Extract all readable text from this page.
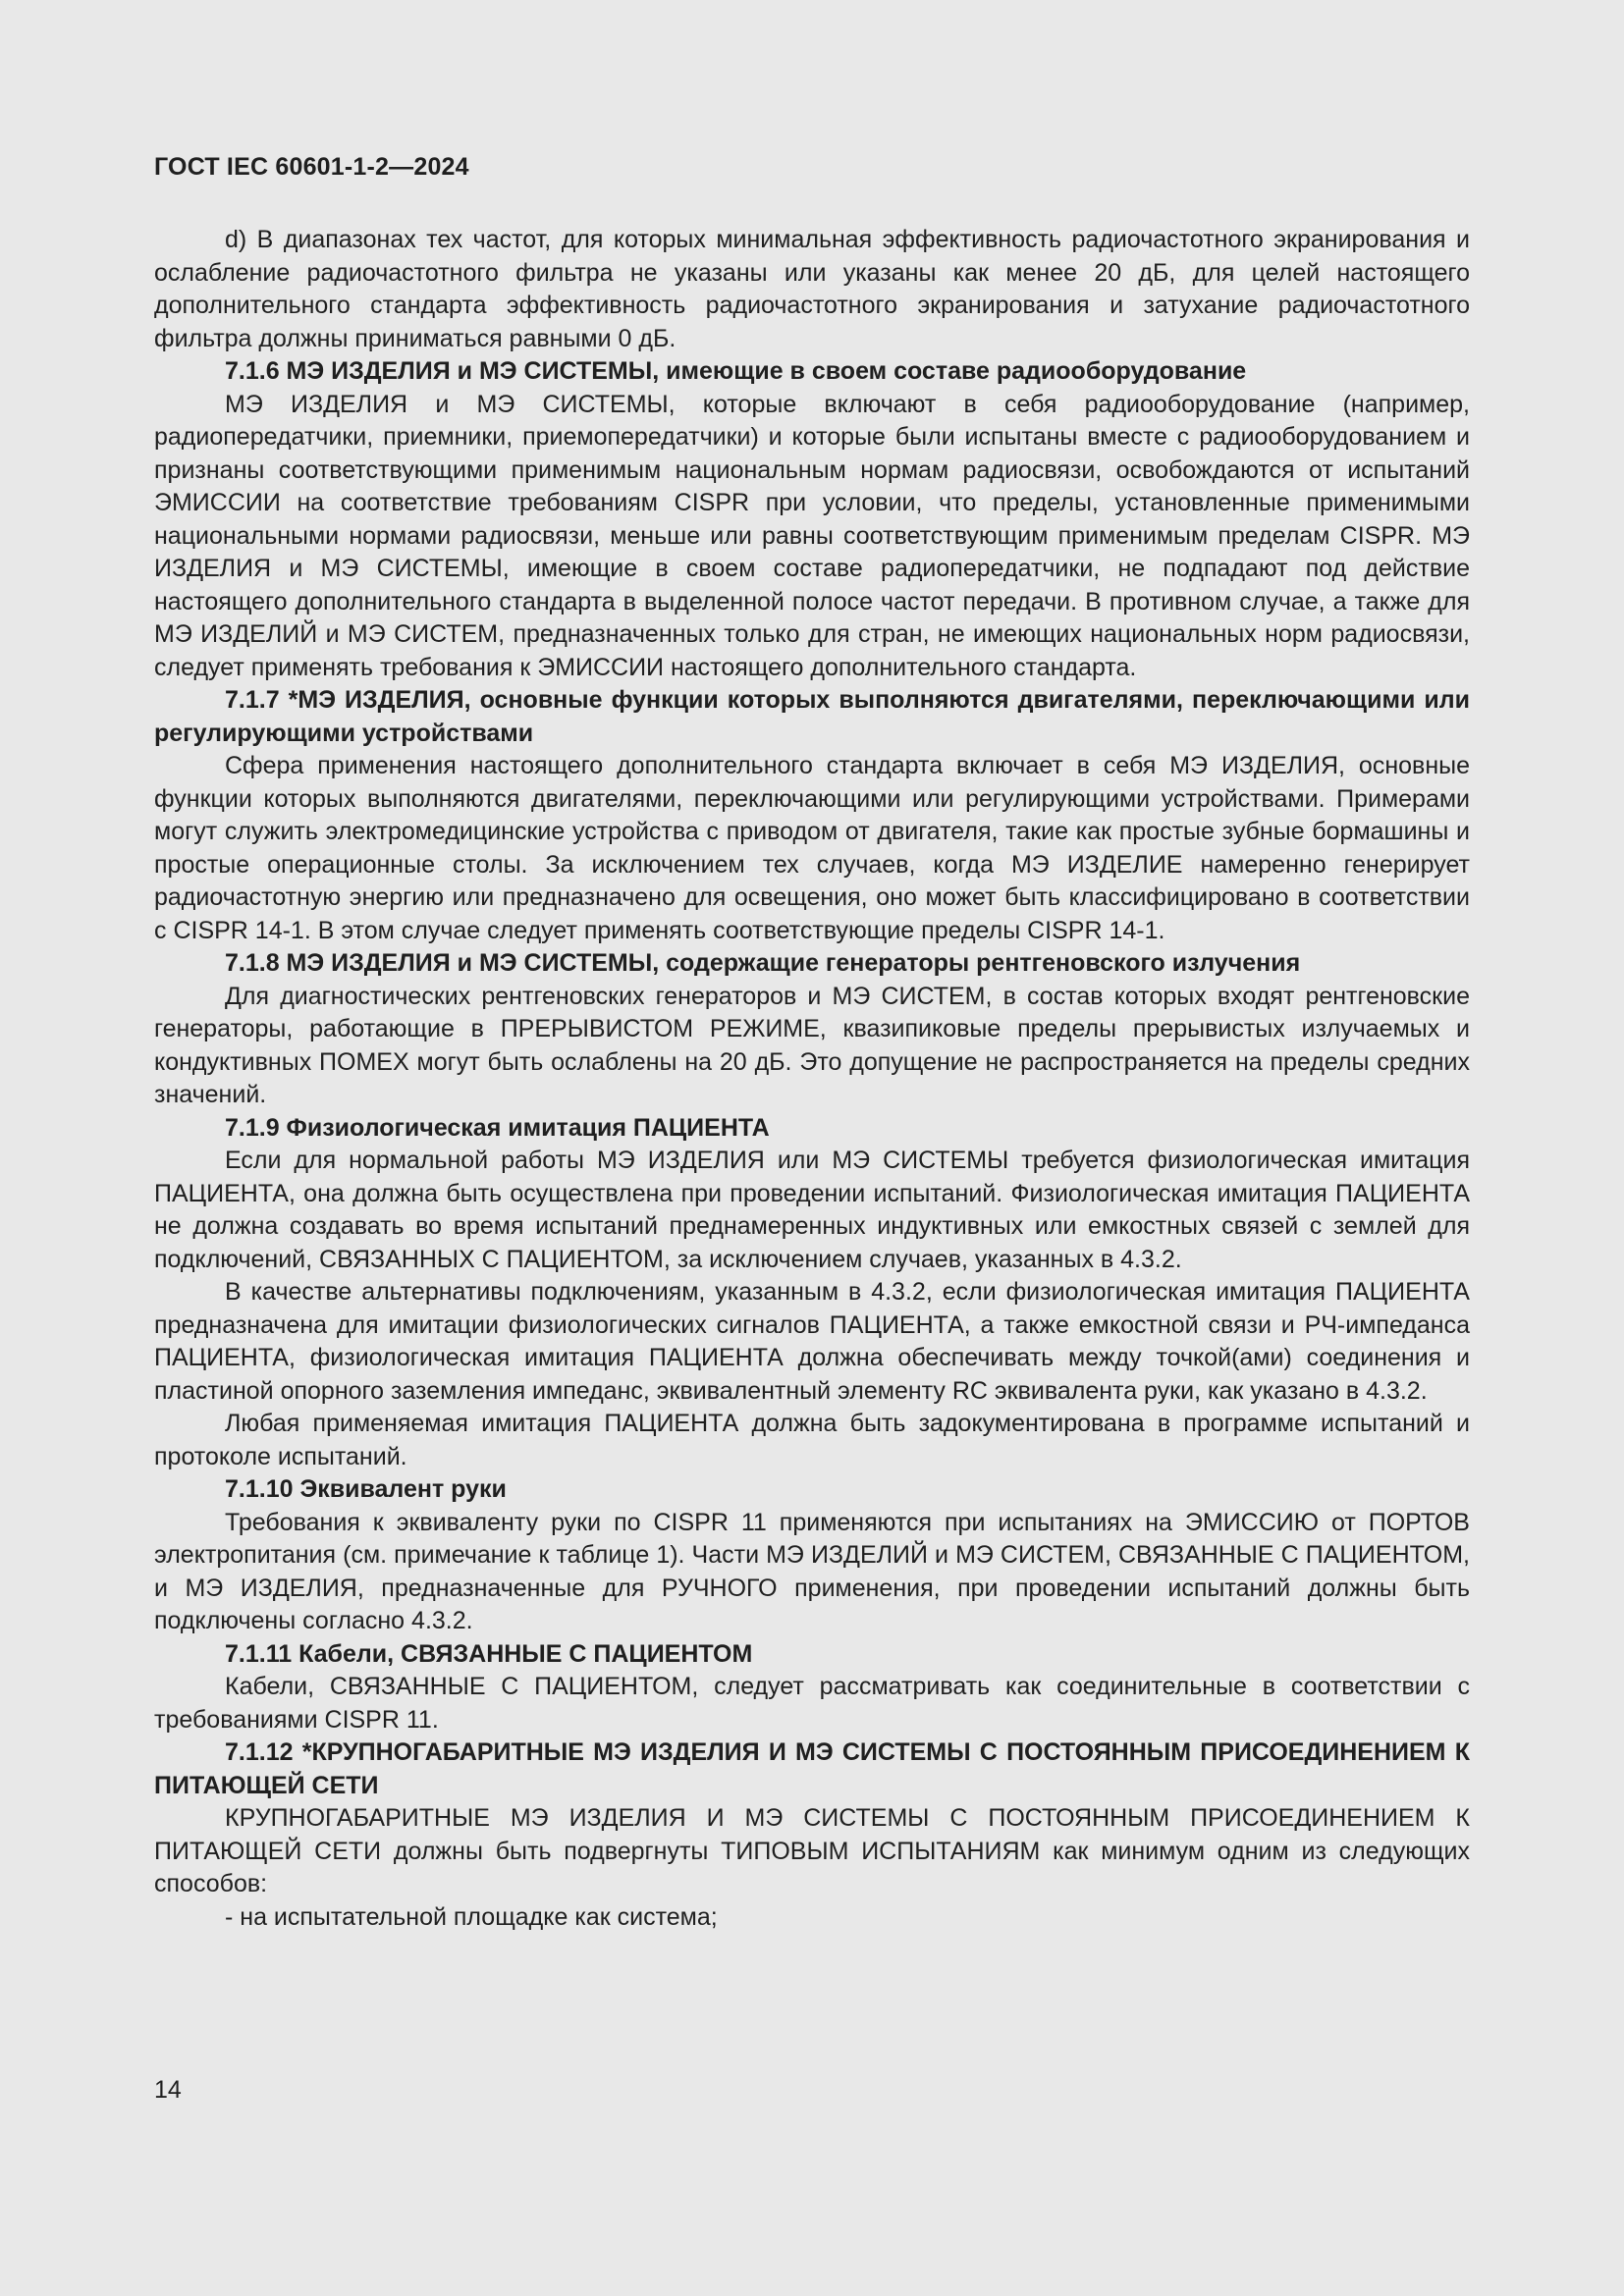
ГОСТ IEC 60601-1-2—2024

d) В диапазонах тех частот, для которых минимальная эффективность радиочастотного экранирования и ослабление радиочастотного фильтра не указаны или указаны как менее 20 дБ, для целей настоящего дополнительного стандарта эффективность радиочастотного экранирования и затухание радиочастотного фильтра должны приниматься равными 0 дБ.

7.1.6 МЭ ИЗДЕЛИЯ и МЭ СИСТЕМЫ, имеющие в своем составе радиооборудование

МЭ ИЗДЕЛИЯ и МЭ СИСТЕМЫ, которые включают в себя радиооборудование (например, радиопередатчики, приемники, приемопередатчики) и которые были испытаны вместе с радиооборудованием и признаны соответствующими применимым национальным нормам радиосвязи, освобождаются от испытаний ЭМИССИИ на соответствие требованиям CISPR при условии, что пределы, установленные применимыми национальными нормами радиосвязи, меньше или равны соответствующим применимым пределам CISPR. МЭ ИЗДЕЛИЯ и МЭ СИСТЕМЫ, имеющие в своем составе радиопередатчики, не подпадают под действие настоящего дополнительного стандарта в выделенной полосе частот передачи. В противном случае, а также для МЭ ИЗДЕЛИЙ и МЭ СИСТЕМ, предназначенных только для стран, не имеющих национальных норм радиосвязи, следует применять требования к ЭМИССИИ настоящего дополнительного стандарта.

7.1.7 *МЭ ИЗДЕЛИЯ, основные функции которых выполняются двигателями, переключающими или регулирующими устройствами

Сфера применения настоящего дополнительного стандарта включает в себя МЭ ИЗДЕЛИЯ, основные функции которых выполняются двигателями, переключающими или регулирующими устройствами. Примерами могут служить электромедицинские устройства с приводом от двигателя, такие как простые зубные бормашины и простые операционные столы. За исключением тех случаев, когда МЭ ИЗДЕЛИЕ намеренно генерирует радиочастотную энергию или предназначено для освещения, оно может быть классифицировано в соответствии с CISPR 14-1. В этом случае следует применять соответствующие пределы CISPR 14-1.

7.1.8 МЭ ИЗДЕЛИЯ и МЭ СИСТЕМЫ, содержащие генераторы рентгеновского излучения

Для диагностических рентгеновских генераторов и МЭ СИСТЕМ, в состав которых входят рентгеновские генераторы, работающие в ПРЕРЫВИСТОМ РЕЖИМЕ, квазипиковые пределы прерывистых излучаемых и кондуктивных ПОМЕХ могут быть ослаблены на 20 дБ. Это допущение не распространяется на пределы средних значений.

7.1.9 Физиологическая имитация ПАЦИЕНТА

Если для нормальной работы МЭ ИЗДЕЛИЯ или МЭ СИСТЕМЫ требуется физиологическая имитация ПАЦИЕНТА, она должна быть осуществлена при проведении испытаний. Физиологическая имитация ПАЦИЕНТА не должна создавать во время испытаний преднамеренных индуктивных или емкостных связей с землей для подключений, СВЯЗАННЫХ С ПАЦИЕНТОМ, за исключением случаев, указанных в 4.3.2.

В качестве альтернативы подключениям, указанным в 4.3.2, если физиологическая имитация ПАЦИЕНТА предназначена для имитации физиологических сигналов ПАЦИЕНТА, а также емкостной связи и РЧ-импеданса ПАЦИЕНТА, физиологическая имитация ПАЦИЕНТА должна обеспечивать между точкой(ами) соединения и пластиной опорного заземления импеданс, эквивалентный элементу RC эквивалента руки, как указано в 4.3.2.

Любая применяемая имитация ПАЦИЕНТА должна быть задокументирована в программе испытаний и протоколе испытаний.

7.1.10 Эквивалент руки

Требования к эквиваленту руки по CISPR 11 применяются при испытаниях на ЭМИССИЮ от ПОРТОВ электропитания (см. примечание к таблице 1). Части МЭ ИЗДЕЛИЙ и МЭ СИСТЕМ, СВЯЗАННЫЕ С ПАЦИЕНТОМ, и МЭ ИЗДЕЛИЯ, предназначенные для РУЧНОГО применения, при проведении испытаний должны быть подключены согласно 4.3.2.

7.1.11 Кабели, СВЯЗАННЫЕ С ПАЦИЕНТОМ

Кабели, СВЯЗАННЫЕ С ПАЦИЕНТОМ, следует рассматривать как соединительные в соответствии с требованиями CISPR 11.

7.1.12 *КРУПНОГАБАРИТНЫЕ МЭ ИЗДЕЛИЯ И МЭ СИСТЕМЫ С ПОСТОЯННЫМ ПРИСОЕДИНЕНИЕМ К ПИТАЮЩЕЙ СЕТИ

КРУПНОГАБАРИТНЫЕ МЭ ИЗДЕЛИЯ И МЭ СИСТЕМЫ С ПОСТОЯННЫМ ПРИСОЕДИНЕНИЕМ К ПИТАЮЩЕЙ СЕТИ должны быть подвергнуты ТИПОВЫМ ИСПЫТАНИЯМ как минимум одним из следующих способов:

- на испытательной площадке как система;

14
